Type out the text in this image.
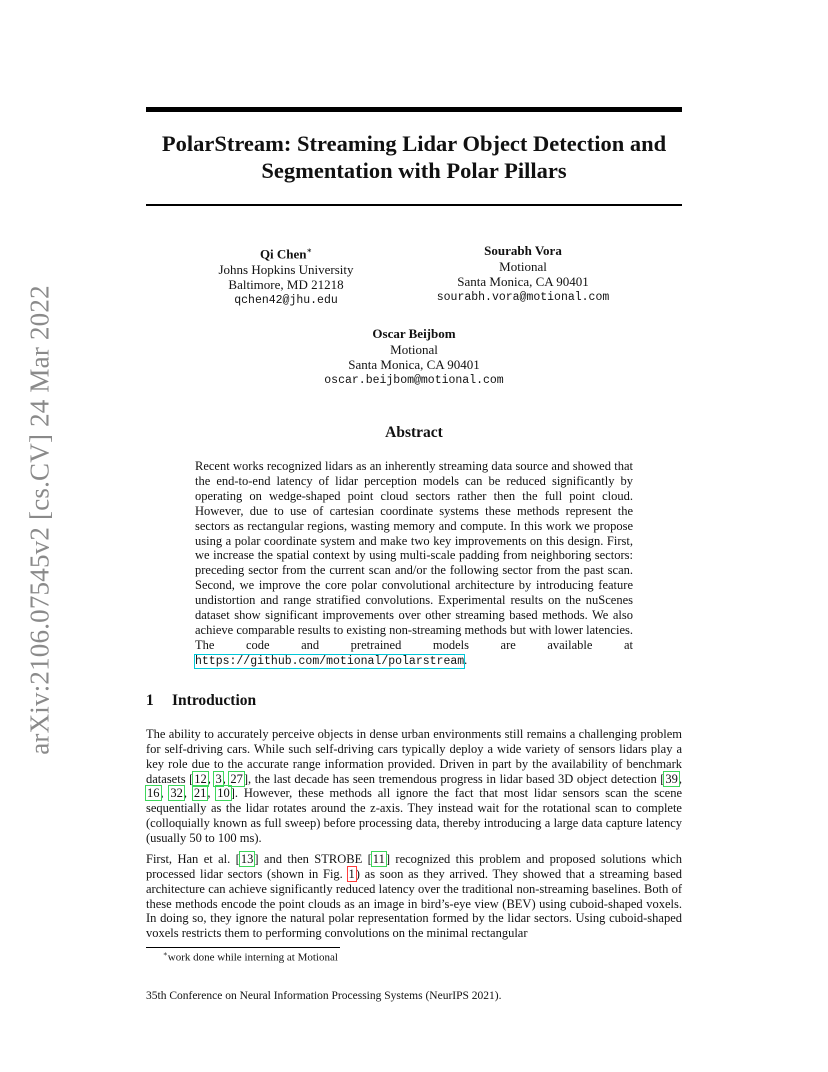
arXiv:2106.07545v2 [cs.CV] 24 Mar 2022
PolarStream: Streaming Lidar Object Detection and
Segmentation with Polar Pillars
Qi Chen∗
Johns Hopkins University
Baltimore, MD 21218
qchen42@jhu.edu
Sourabh Vora
Motional
Santa Monica, CA 90401
sourabh.vora@motional.com
Oscar Beijbom
Motional
Santa Monica, CA 90401
oscar.beijbom@motional.com
Abstract

Recent works recognized lidars as an inherently streaming data source and showed that the end-to-end latency of lidar perception models can be reduced significantly by operating on wedge-shaped point cloud sectors rather then the full point cloud. However, due to use of cartesian coordinate systems these methods represent the sectors as rectangular regions, wasting memory and compute. In this work we propose using a polar coordinate system and make two key improvements on this design. First, we increase the spatial context by using multi-scale padding from neighboring sectors: preceding sector from the current scan and/or the following sector from the past scan. Second, we improve the core polar convolutional architecture by introducing feature undistortion and range stratified convolutions. Experimental results on the nuScenes dataset show significant improvements over other streaming based methods. We also achieve comparable results to existing non-streaming methods but with lower latencies. The code and pretrained models are available at https://github.com/motional/polarstream.

1 Introduction

The ability to accurately perceive objects in dense urban environments still remains a challenging problem for self-driving cars. While such self-driving cars typically deploy a wide variety of sensors lidars play a key role due to the accurate range information provided. Driven in part by the availability of benchmark datasets [12, 3, 27], the last decade has seen tremendous progress in lidar based 3D object detection [39, 16, 32, 21, 10]. However, these methods all ignore the fact that most lidar sensors scan the scene sequentially as the lidar rotates around the z-axis. They instead wait for the rotational scan to complete (colloquially known as full sweep) before processing data, thereby introducing a large data capture latency (usually 50 to 100 ms).

First, Han et al. [13] and then STROBE [11] recognized this problem and proposed solutions which processed lidar sectors (shown in Fig. 1) as soon as they arrived. They showed that a streaming based architecture can achieve significantly reduced latency over the traditional non-streaming baselines. Both of these methods encode the point clouds as an image in bird’s-eye view (BEV) using cuboid-shaped voxels. In doing so, they ignore the natural polar representation formed by the lidar sectors. Using cuboid-shaped voxels restricts them to performing convolutions on the minimal rectangular

∗work done while interning at Motional
35th Conference on Neural Information Processing Systems (NeurIPS 2021).
